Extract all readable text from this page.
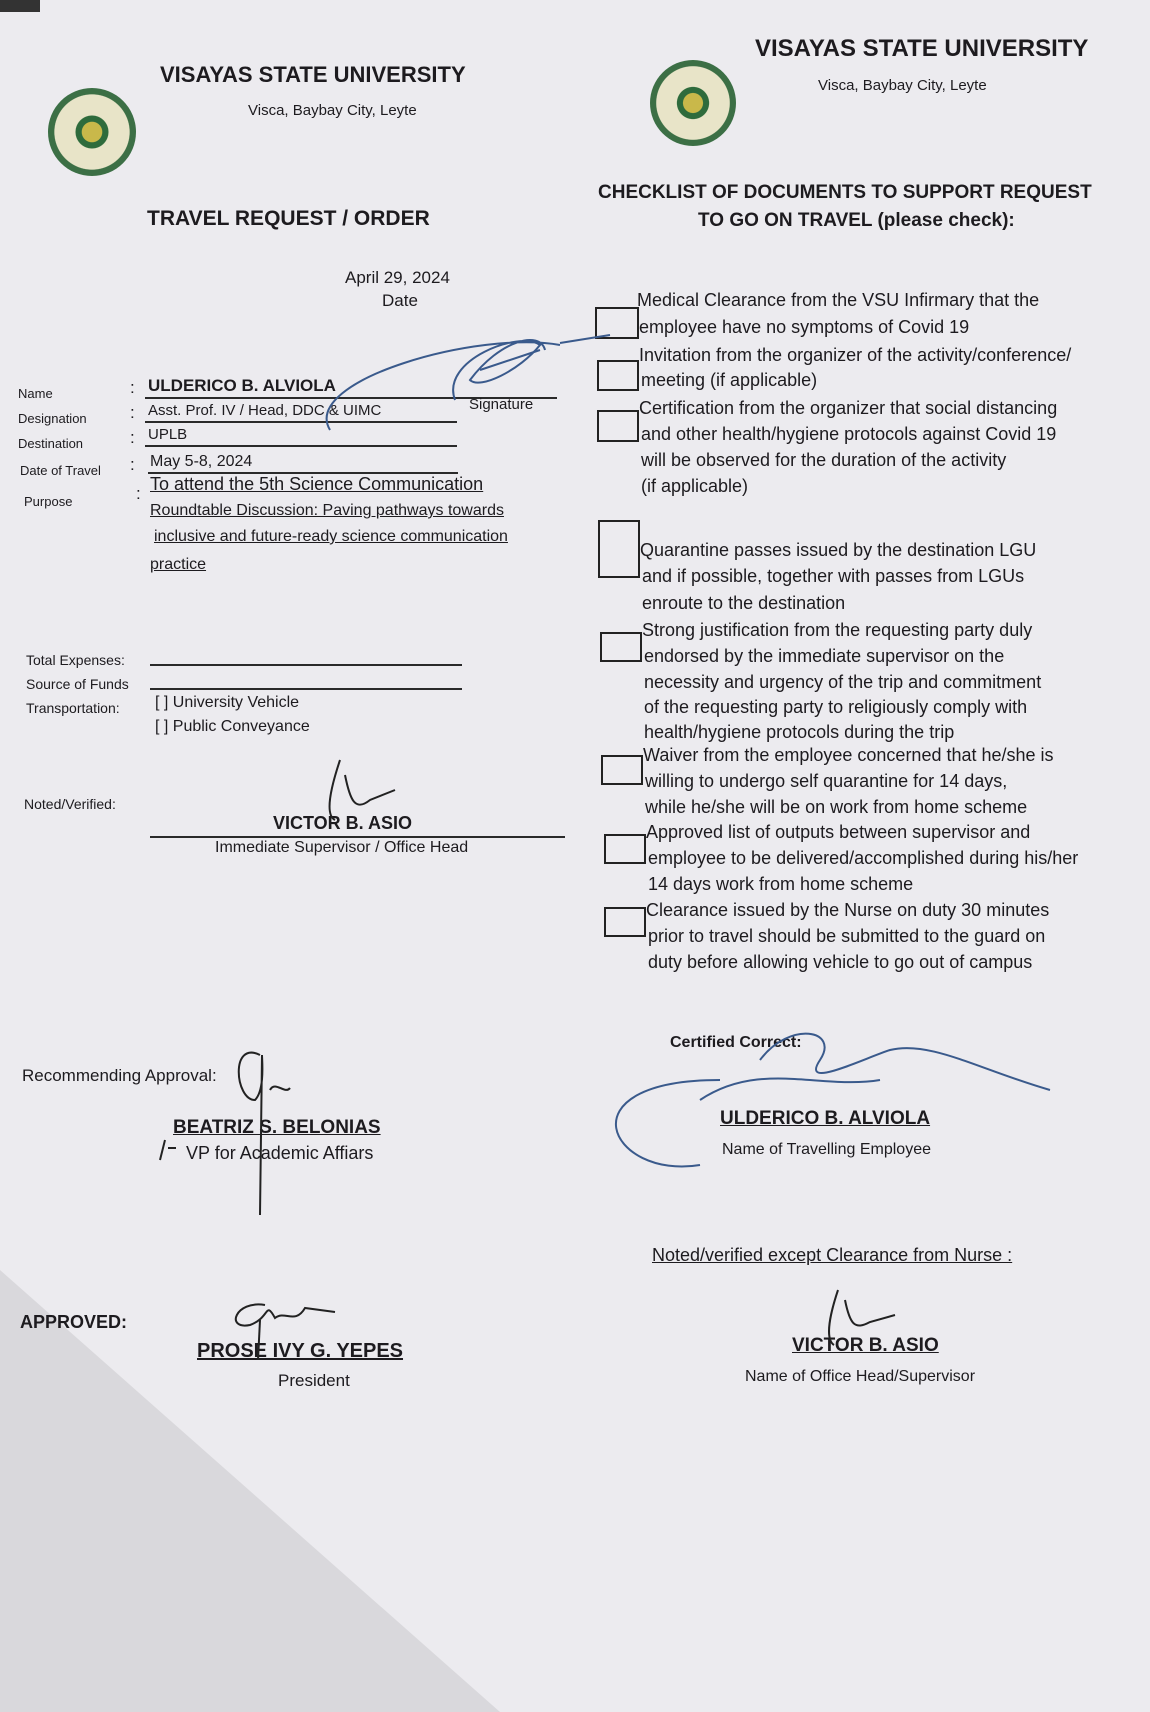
VISAYAS STATE UNIVERSITY
Visca, Baybay City, Leyte
TRAVEL REQUEST / ORDER
April 29, 2024
Date
Name	: ULDERICO B. ALVIOLA
Signature
Designation	: Asst. Prof. IV / Head, DDC & UIMC
Destination	: UPLB
Date of Travel : May 5-8, 2024
Purpose	: To attend the 5th Science Communication
Roundtable Discussion: Paving pathways towards
inclusive and future-ready science communication
practice
Total Expenses:
Source of Funds
Transportation: [ ] University Vehicle
[ ] Public Conveyance
Noted/Verified:
VICTOR B. ASIO
Immediate Supervisor / Office Head
Recommending Approval:
BEATRIZ S. BELONIAS
VP for Academic Affiars
APPROVED:
PROSE IVY G. YEPES
President
VISAYAS STATE UNIVERSITY
Visca, Baybay City, Leyte
CHECKLIST OF DOCUMENTS TO SUPPORT REQUEST
TO GO ON TRAVEL (please check):
Medical Clearance from the VSU Infirmary that the
employee have no symptoms of Covid 19
Invitation from the organizer of the activity/conference/
meeting (if applicable)
Certification from the organizer that social distancing
and other health/hygiene protocols against Covid 19
will be observed for the duration of the activity
(if applicable)
Quarantine passes issued by the destination LGU
and if possible, together with passes from LGUs
enroute to the destination
Strong justification from the requesting party duly
endorsed by the immediate supervisor on the
necessity and urgency of the trip and commitment
of the requesting party to religiously comply with
health/hygiene protocols during the trip
Waiver from the employee concerned that he/she is
willing to undergo self quarantine for 14 days,
while he/she will be on work from home scheme
Approved list of outputs between supervisor and
employee to be delivered/accomplished during his/her
14 days work from home scheme
Clearance issued by the Nurse on duty 30 minutes
prior to travel should be submitted to the guard on
duty before allowing vehicle to go out of campus
Certified Correct:
ULDERICO B. ALVIOLA
Name of Travelling Employee
Noted/verified except Clearance from Nurse :
VICTOR B. ASIO
Name of Office Head/Supervisor
